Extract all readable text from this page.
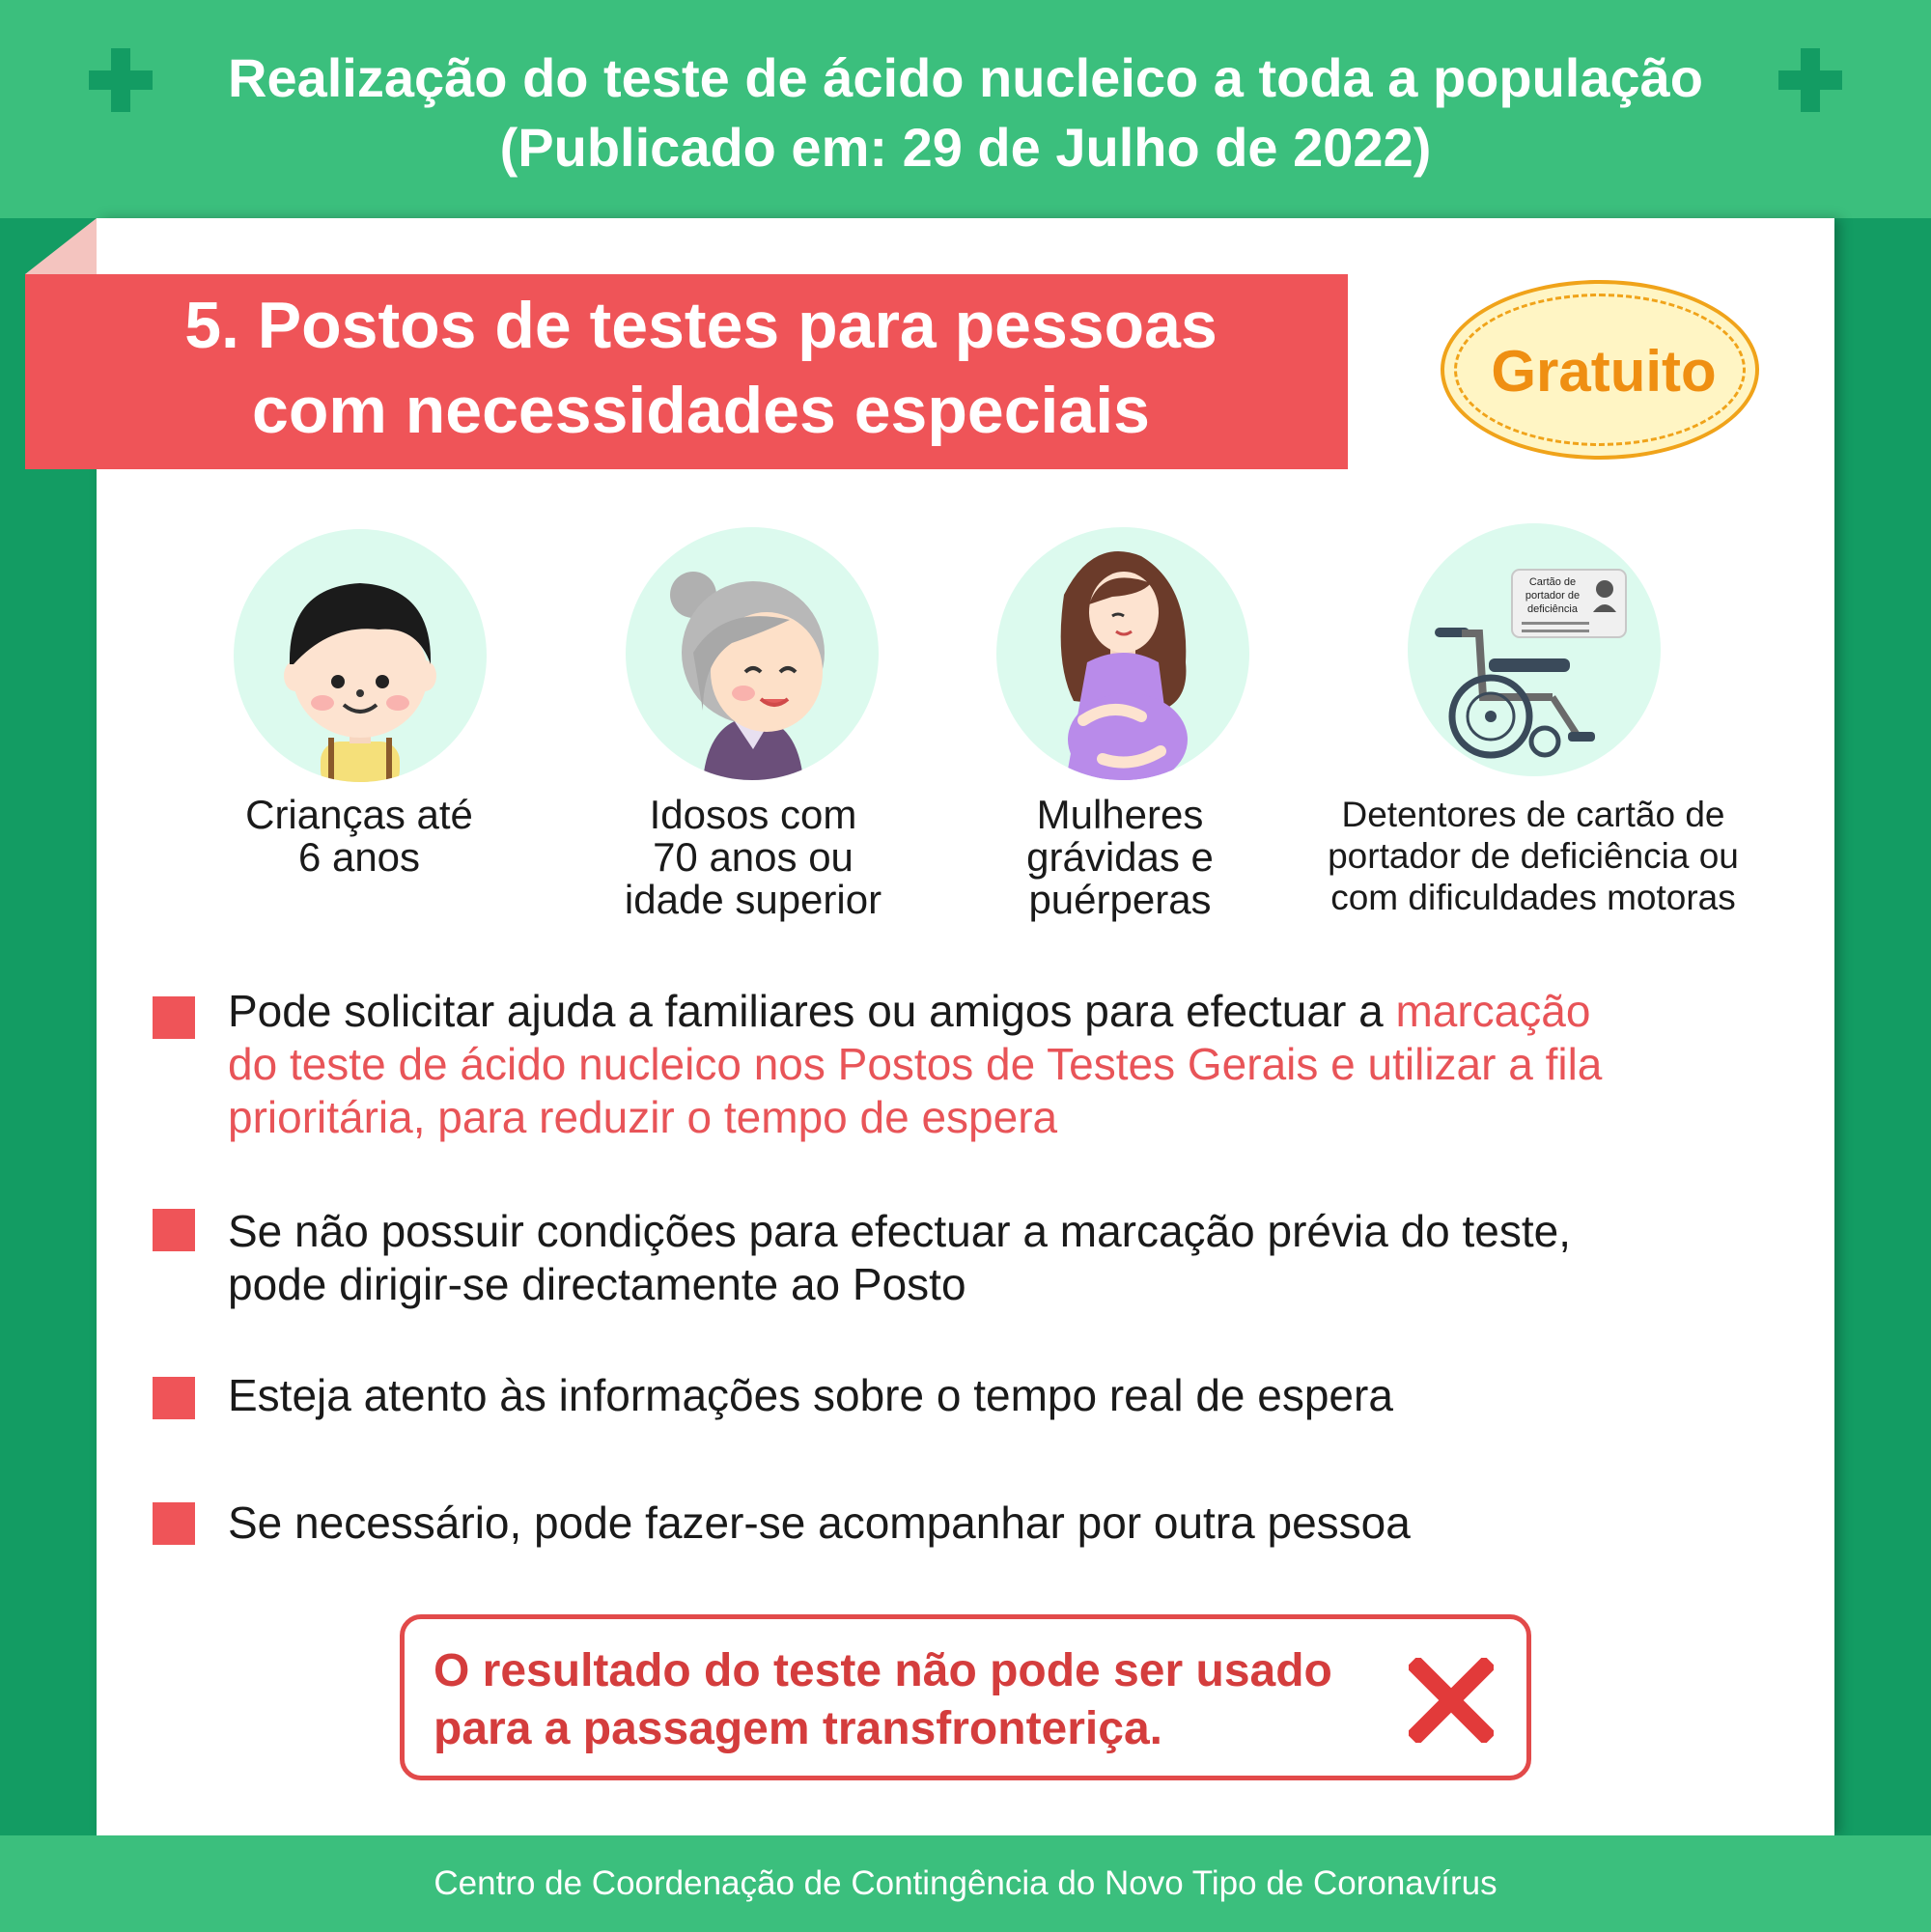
Realização do teste de ácido nucleico a toda a população
(Publicado em: 29 de Julho de 2022)
5. Postos de testes para pessoas
com necessidades especiais
Gratuito
Crianças até
6 anos
Idosos com
70 anos ou
idade superior
Mulheres
grávidas e
puérperas
Cartão de
portador de
deficiência
Detentores de cartão de
portador de deficiência ou
com dificuldades motoras
Pode solicitar ajuda a familiares ou amigos para efectuar a marcação
do teste de ácido nucleico nos Postos de Testes Gerais e utilizar a fila
prioritária, para reduzir o tempo de espera
Se não possuir condições para efectuar a marcação prévia do teste,
pode dirigir-se directamente ao Posto
Esteja atento às informações sobre o tempo real de espera
Se necessário, pode fazer-se acompanhar por outra pessoa
O resultado do teste não pode ser usado
para a passagem transfronteriça.
Centro de Coordenação de Contingência do Novo Tipo de Coronavírus
